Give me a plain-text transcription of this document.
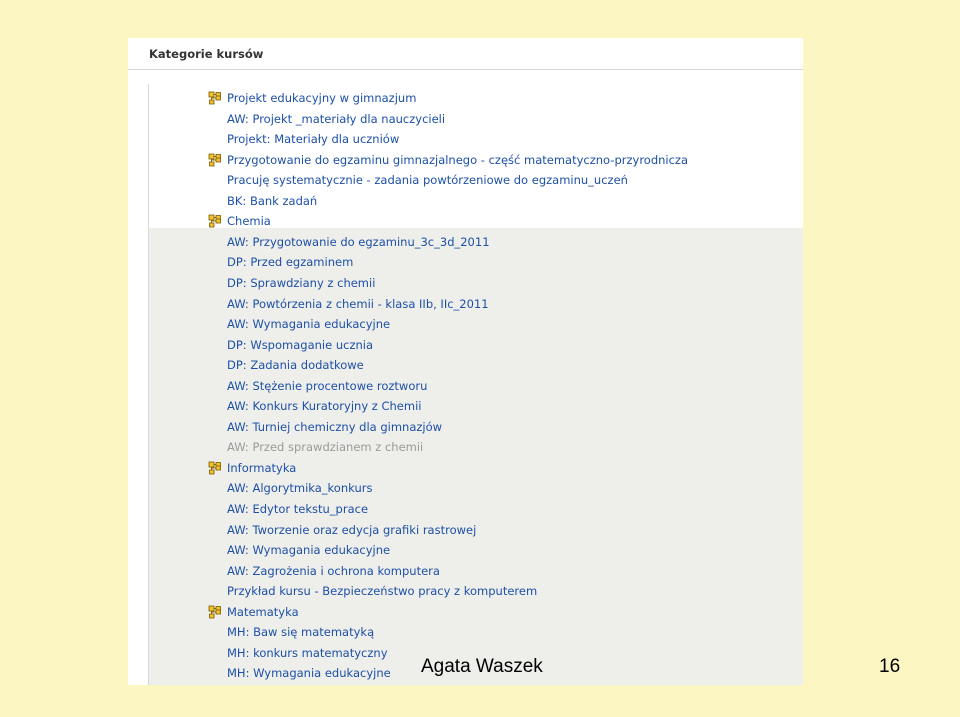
Kategorie kursów
Projekt edukacyjny w gimnazjum
AW: Projekt _materiały dla nauczycieli
Projekt: Materiały dla uczniów
Przygotowanie do egzaminu gimnazjalnego - część matematyczno-przyrodnicza
Pracuję systematycznie - zadania powtórzeniowe do egzaminu_uczeń
BK: Bank zadań
Chemia
AW: Przygotowanie do egzaminu_3c_3d_2011
DP: Przed egzaminem
DP: Sprawdziany z chemii
AW: Powtórzenia z chemii - klasa IIb, IIc_2011
AW: Wymagania edukacyjne
DP: Wspomaganie ucznia
DP: Zadania dodatkowe
AW: Stężenie procentowe roztworu
AW: Konkurs Kuratoryjny z Chemii
AW: Turniej chemiczny dla gimnazjów
AW: Przed sprawdzianem z chemii
Informatyka
AW: Algorytmika_konkurs
AW: Edytor tekstu_prace
AW: Tworzenie oraz edycja grafiki rastrowej
AW: Wymagania edukacyjne
AW: Zagrożenia i ochrona komputera
Przykład kursu - Bezpieczeństwo pracy z komputerem
Matematyka
MH: Baw się matematyką
MH: konkurs matematyczny
MH: Wymagania edukacyjne Agata Waszek	16
